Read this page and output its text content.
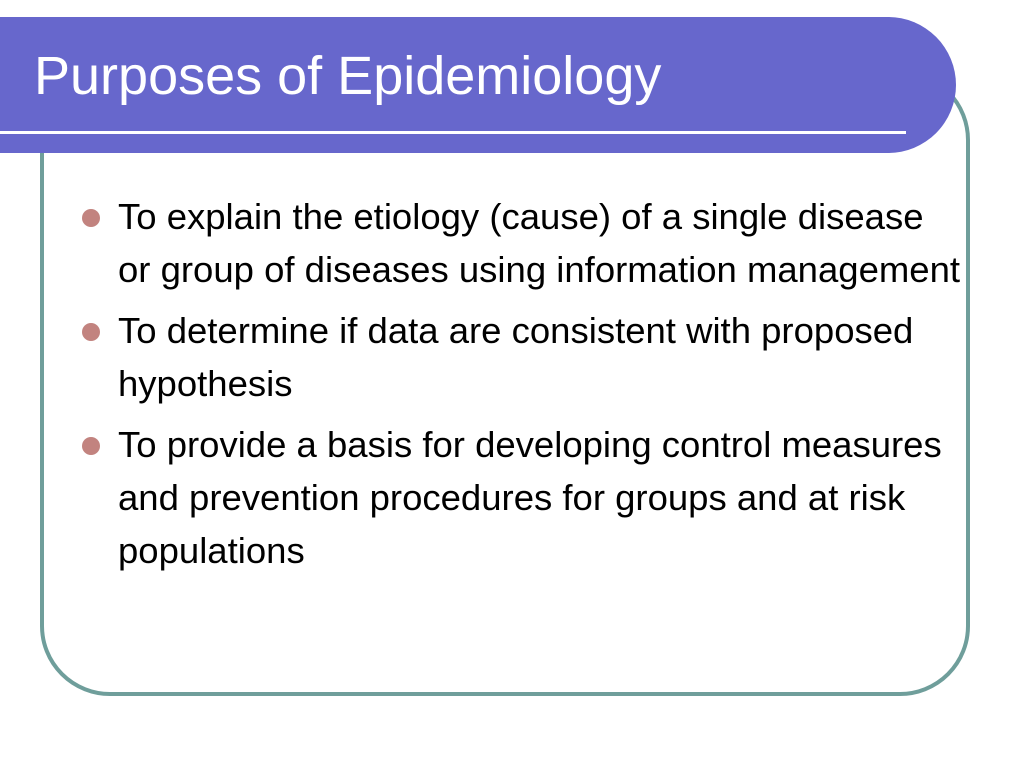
Purposes of Epidemiology
To explain the etiology (cause) of a single disease or group of diseases using information management
To determine if data are consistent with proposed hypothesis
To provide a basis for developing control measures and prevention procedures for groups and at risk populations
